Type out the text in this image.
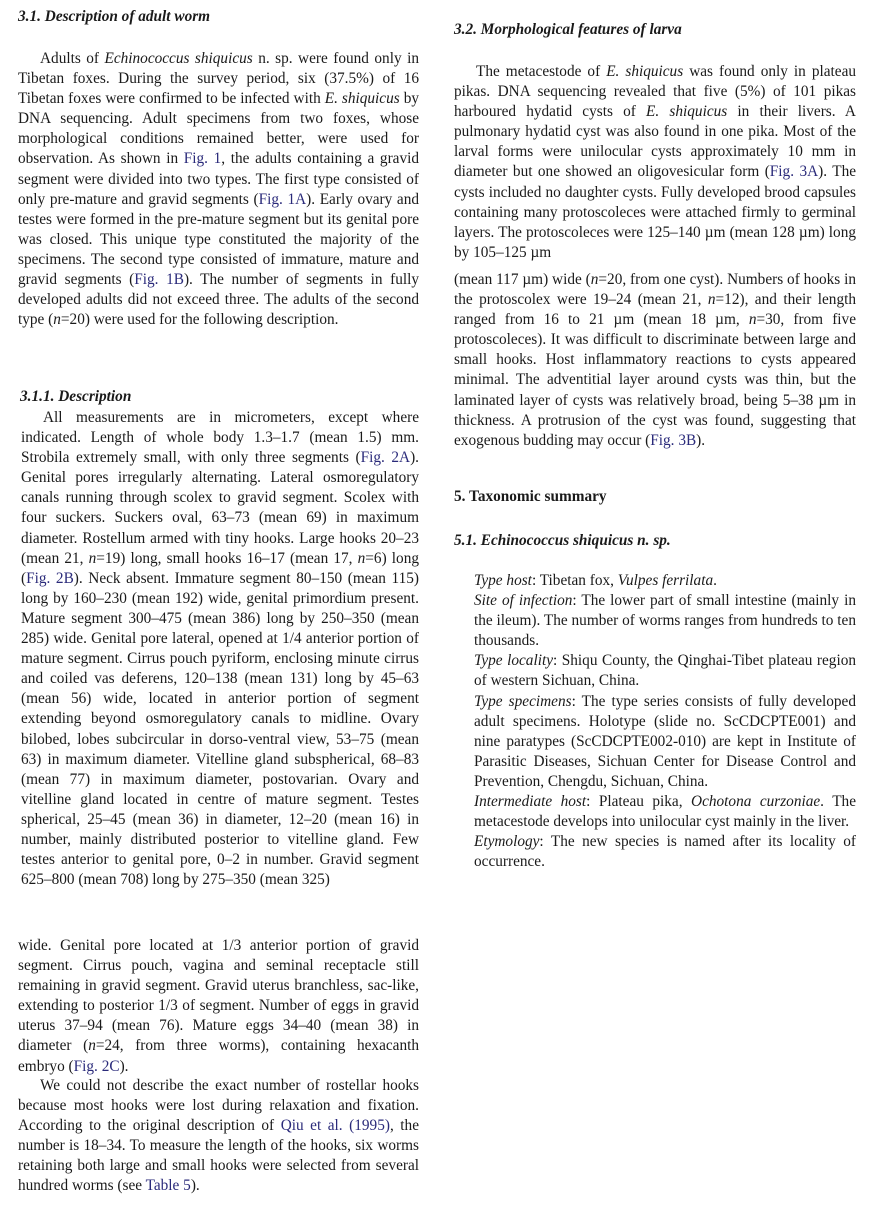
3.1. Description of adult worm

Adults of Echinococcus shiquicus n. sp. were found only in Tibetan foxes. During the survey period, six (37.5%) of 16 Tibetan foxes were confirmed to be infected with E. shiquicus by DNA sequencing. Adult specimens from two foxes, whose morphological conditions remained better, were used for observation. As shown in Fig. 1, the adults containing a gravid segment were divided into two types. The first type consisted of only pre-mature and gravid segments (Fig. 1A). Early ovary and testes were formed in the pre-mature segment but its genital pore was closed. This unique type constituted the majority of the specimens. The second type consisted of immature, mature and gravid segments (Fig. 1B). The number of segments in fully developed adults did not exceed three. The adults of the second type (n=20) were used for the following description.

3.1.1. Description

All measurements are in micrometers, except where indicated. Length of whole body 1.3–1.7 (mean 1.5) mm. Strobila extremely small, with only three segments (Fig. 2A). Genital pores irregularly alternating. Lateral osmoregulatory canals running through scolex to gravid segment. Scolex with four suckers. Suckers oval, 63–73 (mean 69) in maximum diameter. Rostellum armed with tiny hooks. Large hooks 20–23 (mean 21, n=19) long, small hooks 16–17 (mean 17, n=6) long (Fig. 2B). Neck absent. Immature segment 80–150 (mean 115) long by 160–230 (mean 192) wide, genital primordium present. Mature segment 300–475 (mean 386) long by 250–350 (mean 285) wide. Genital pore lateral, opened at 1/4 anterior portion of mature segment. Cirrus pouch pyriform, enclosing minute cirrus and coiled vas deferens, 120–138 (mean 131) long by 45–63 (mean 56) wide, located in anterior portion of segment extending beyond osmoregulatory canals to midline. Ovary bilobed, lobes subcircular in dorso-ventral view, 53–75 (mean 63) in maximum diameter. Vitelline gland subspherical, 68–83 (mean 77) in maximum diameter, postovarian. Ovary and vitelline gland located in centre of mature segment. Testes spherical, 25–45 (mean 36) in diameter, 12–20 (mean 16) in number, mainly distributed posterior to vitelline gland. Few testes anterior to genital pore, 0–2 in number. Gravid segment 625–800 (mean 708) long by 275–350 (mean 325)

wide. Genital pore located at 1/3 anterior portion of gravid segment. Cirrus pouch, vagina and seminal receptacle still remaining in gravid segment. Gravid uterus branchless, sac-like, extending to posterior 1/3 of segment. Number of eggs in gravid uterus 37–94 (mean 76). Mature eggs 34–40 (mean 38) in diameter (n=24, from three worms), containing hexacanth embryo (Fig. 2C).

We could not describe the exact number of rostellar hooks because most hooks were lost during relaxation and fixation. According to the original description of Qiu et al. (1995), the number is 18–34. To measure the length of the hooks, six worms retaining both large and small hooks were selected from several hundred worms (see Table 5).

3.2. Morphological features of larva

The metacestode of E. shiquicus was found only in plateau pikas. DNA sequencing revealed that five (5%) of 101 pikas harboured hydatid cysts of E. shiquicus in their livers. A pulmonary hydatid cyst was also found in one pika. Most of the larval forms were unilocular cysts approximately 10 mm in diameter but one showed an oligovesicular form (Fig. 3A). The cysts included no daughter cysts. Fully developed brood capsules containing many protoscoleces were attached firmly to germinal layers. The protoscoleces were 125–140 µm (mean 128 µm) long by 105–125 µm

(mean 117 µm) wide (n=20, from one cyst). Numbers of hooks in the protoscolex were 19–24 (mean 21, n=12), and their length ranged from 16 to 21 µm (mean 18 µm, n=30, from five protoscoleces). It was difficult to discriminate between large and small hooks. Host inflammatory reactions to cysts appeared minimal. The adventitial layer around cysts was thin, but the laminated layer of cysts was relatively broad, being 5–38 µm in thickness. A protrusion of the cyst was found, suggesting that exogenous budding may occur (Fig. 3B).

5. Taxonomic summary
5.1. Echinococcus shiquicus n. sp.

Type host: Tibetan fox, Vulpes ferrilata.

Site of infection: The lower part of small intestine (mainly in the ileum). The number of worms ranges from hundreds to ten thousands.

Type locality: Shiqu County, the Qinghai-Tibet plateau region of western Sichuan, China.

Type specimens: The type series consists of fully developed adult specimens. Holotype (slide no. ScCDCPTE001) and nine paratypes (ScCDCPTE002-010) are kept in Institute of Parasitic Diseases, Sichuan Center for Disease Control and Prevention, Chengdu, Sichuan, China.

Intermediate host: Plateau pika, Ochotona curzoniae. The metacestode develops into unilocular cyst mainly in the liver.

Etymology: The new species is named after its locality of occurrence.
